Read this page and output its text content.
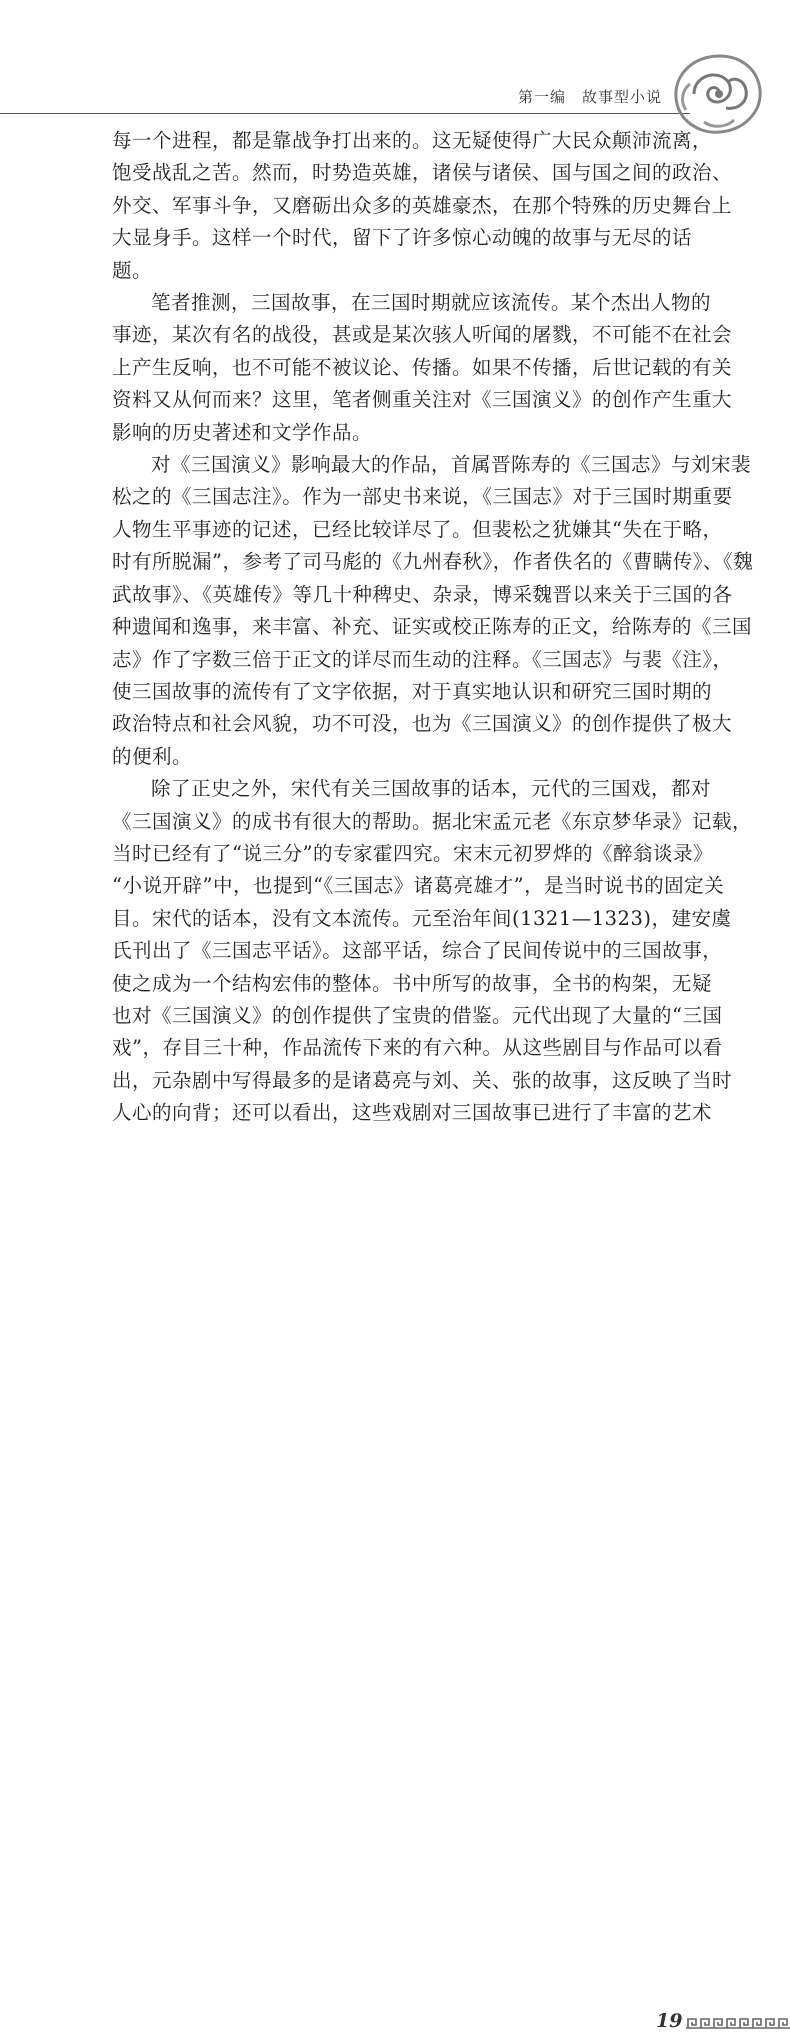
第一编　故事型小说
每一个进程，都是靠战争打出来的。这无疑使得广大民众颠沛流离，
饱受战乱之苦。然而，时势造英雄，诸侯与诸侯、国与国之间的政治、
外交、军事斗争，又磨砺出众多的英雄豪杰，在那个特殊的历史舞台上
大显身手。这样一个时代，留下了许多惊心动魄的故事与无尽的话
题。
笔者推测，三国故事，在三国时期就应该流传。某个杰出人物的
事迹，某次有名的战役，甚或是某次骇人听闻的屠戮，不可能不在社会
上产生反响，也不可能不被议论、传播。如果不传播，后世记载的有关
资料又从何而来？这里，笔者侧重关注对《三国演义》的创作产生重大
影响的历史著述和文学作品。
对《三国演义》影响最大的作品，首属晋陈寿的《三国志》与刘宋裴
松之的《三国志注》。作为一部史书来说，《三国志》对于三国时期重要
人物生平事迹的记述，已经比较详尽了。但裴松之犹嫌其“失在于略，
时有所脱漏”，参考了司马彪的《九州春秋》，作者佚名的《曹瞒传》、《魏
武故事》、《英雄传》等几十种稗史、杂录，博采魏晋以来关于三国的各
种遗闻和逸事，来丰富、补充、证实或校正陈寿的正文，给陈寿的《三国
志》作了字数三倍于正文的详尽而生动的注释。《三国志》与裴《注》，
使三国故事的流传有了文字依据，对于真实地认识和研究三国时期的
政治特点和社会风貌，功不可没，也为《三国演义》的创作提供了极大
的便利。
除了正史之外，宋代有关三国故事的话本，元代的三国戏，都对
《三国演义》的成书有很大的帮助。据北宋孟元老《东京梦华录》记载，
当时已经有了“说三分”的专家霍四究。宋末元初罗烨的《醉翁谈录》
“小说开辟”中，也提到“《三国志》诸葛亮雄才”，是当时说书的固定关
目。宋代的话本，没有文本流传。元至治年间(1321—1323)，建安虞
氏刊出了《三国志平话》。这部平话，综合了民间传说中的三国故事，
使之成为一个结构宏伟的整体。书中所写的故事，全书的构架，无疑
也对《三国演义》的创作提供了宝贵的借鉴。元代出现了大量的“三国
戏”，存目三十种，作品流传下来的有六种。从这些剧目与作品可以看
出，元杂剧中写得最多的是诸葛亮与刘、关、张的故事，这反映了当时
人心的向背；还可以看出，这些戏剧对三国故事已进行了丰富的艺术
19
